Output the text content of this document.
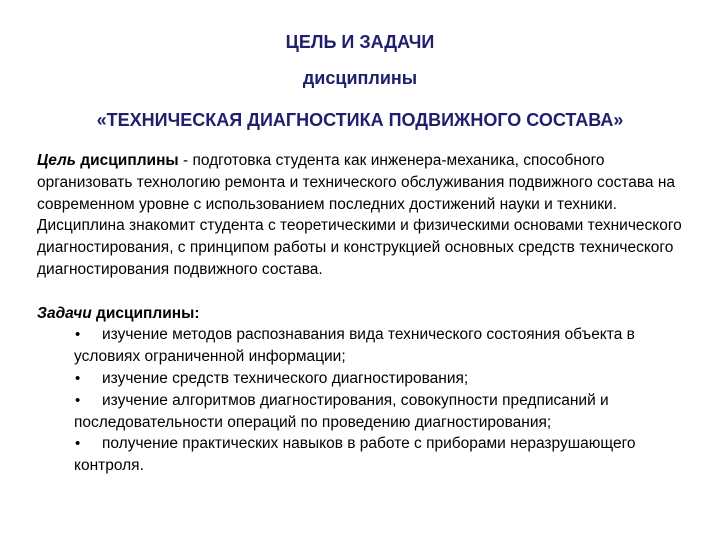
ЦЕЛЬ И ЗАДАЧИ
дисциплины
«ТЕХНИЧЕСКАЯ ДИАГНОСТИКА ПОДВИЖНОГО СОСТАВА»

Цель дисциплины - подготовка студента как инженера-механика, способного организовать технологию ремонта и технического обслуживания подвижного состава на современном уровне с использованием последних достижений науки и техники. Дисциплина знакомит студента с теоретическими и физическими основами технического диагностирования, с принципом работы и конструкцией основных средств технического диагностирования подвижного состава.

Задачи дисциплины:

• изучение методов распознавания вида технического состояния объекта в условиях ограниченной информации;
• изучение средств технического диагностирования;
• изучение алгоритмов диагностирования, совокупности предписаний и последовательности операций по проведению диагностирования;
• получение практических навыков в работе с приборами неразрушающего контроля.
